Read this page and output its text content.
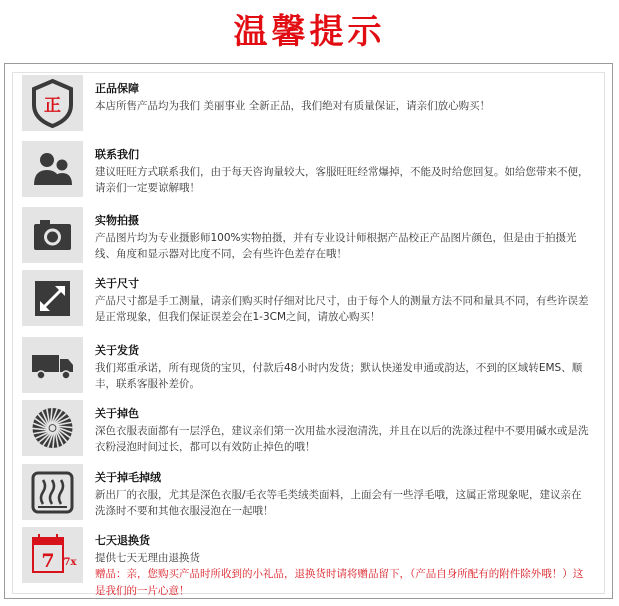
温馨提示
正
正品保障
本店所售产品均为我们 美丽事业 全新正品，我们绝对有质量保证，请亲们放心购买！
联系我们
建议旺旺方式联系我们，由于每天咨询量较大，客服旺旺经常爆掉，不能及时给您回复。如给您带来不便，请亲们一定要谅解哦！
实物拍摄
产品图片均为专业摄影师100%实物拍摄，并有专业设计师根据产品校正产品图片颜色，但是由于拍摄光线、角度和显示器对比度不同，会有些许色差存在哦！
关于尺寸
产品尺寸都是手工测量，请亲们购买时仔细对比尺寸，由于每个人的测量方法不同和量具不同，有些许误差是正常现象，但我们保证误差会在1-3CM之间，请放心购买！
关于发货
我们郑重承诺，所有现货的宝贝，付款后48小时内发货；默认快递发申通或韵达，不到的区域转EMS、顺丰，联系客服补差价。
关于掉色
深色衣服表面都有一层浮色，建议亲们第一次用盐水浸泡清洗，并且在以后的洗涤过程中不要用碱水或是洗衣粉浸泡时间过长，都可以有效防止掉色的哦！
关于掉毛掉绒
新出厂的衣服，尤其是深色衣服/毛衣等毛类绒类面料，上面会有一些浮毛哦，这属正常现象呢，建议亲在洗涤时不要和其他衣服浸泡在一起哦！
7 7x
七天退换货
提供七天无理由退换货
赠品：亲，您购买产品时所收到的小礼品，退换货时请将赠品留下，（产品自身所配有的附件除外哦！）这是我们的一片心意！
